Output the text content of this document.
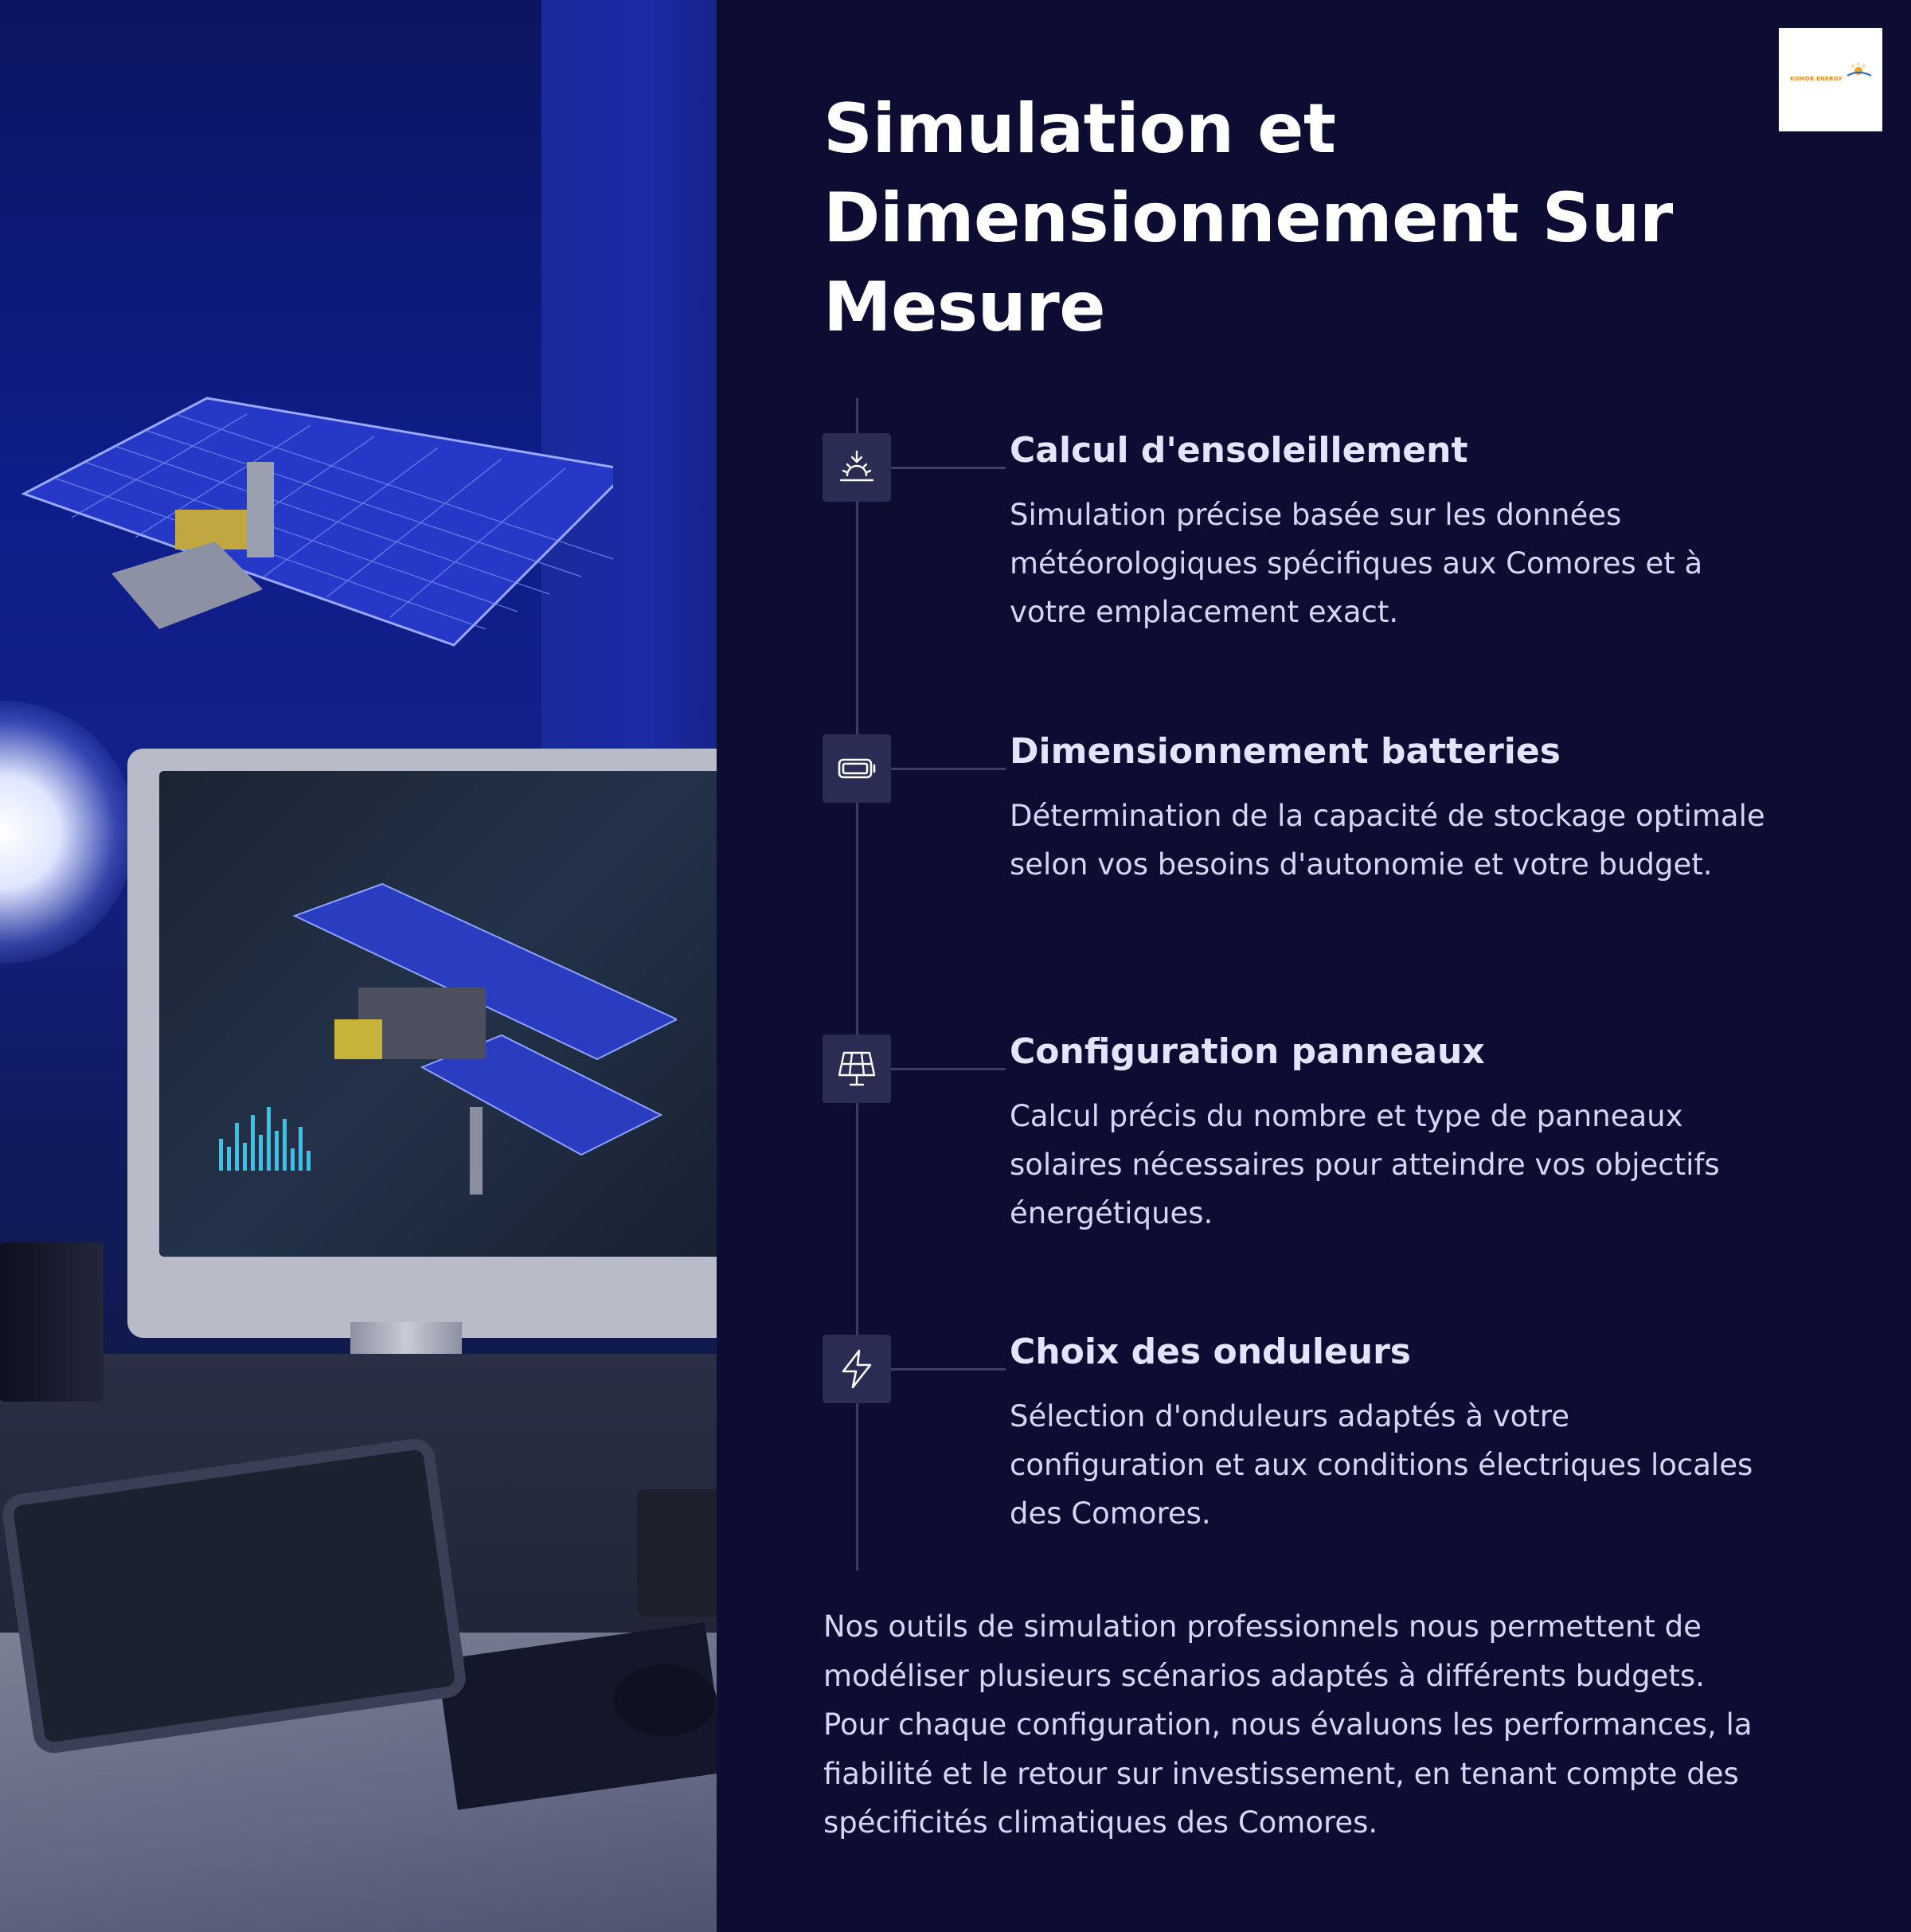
KOMOR ENERGY
Simulation et Dimensionnement Sur Mesure
Calcul d'ensoleillement
Simulation précise basée sur les données météorologiques spécifiques aux Comores et à votre emplacement exact.
Dimensionnement batteries
Détermination de la capacité de stockage optimale selon vos besoins d'autonomie et votre budget.
Configuration panneaux
Calcul précis du nombre et type de panneaux solaires nécessaires pour atteindre vos objectifs énergétiques.
Choix des onduleurs
Sélection d'onduleurs adaptés à votre configuration et aux conditions électriques locales des Comores.
Nos outils de simulation professionnels nous permettent de modéliser plusieurs scénarios adaptés à différents budgets. Pour chaque configuration, nous évaluons les performances, la fiabilité et le retour sur investissement, en tenant compte des spécificités climatiques des Comores.
